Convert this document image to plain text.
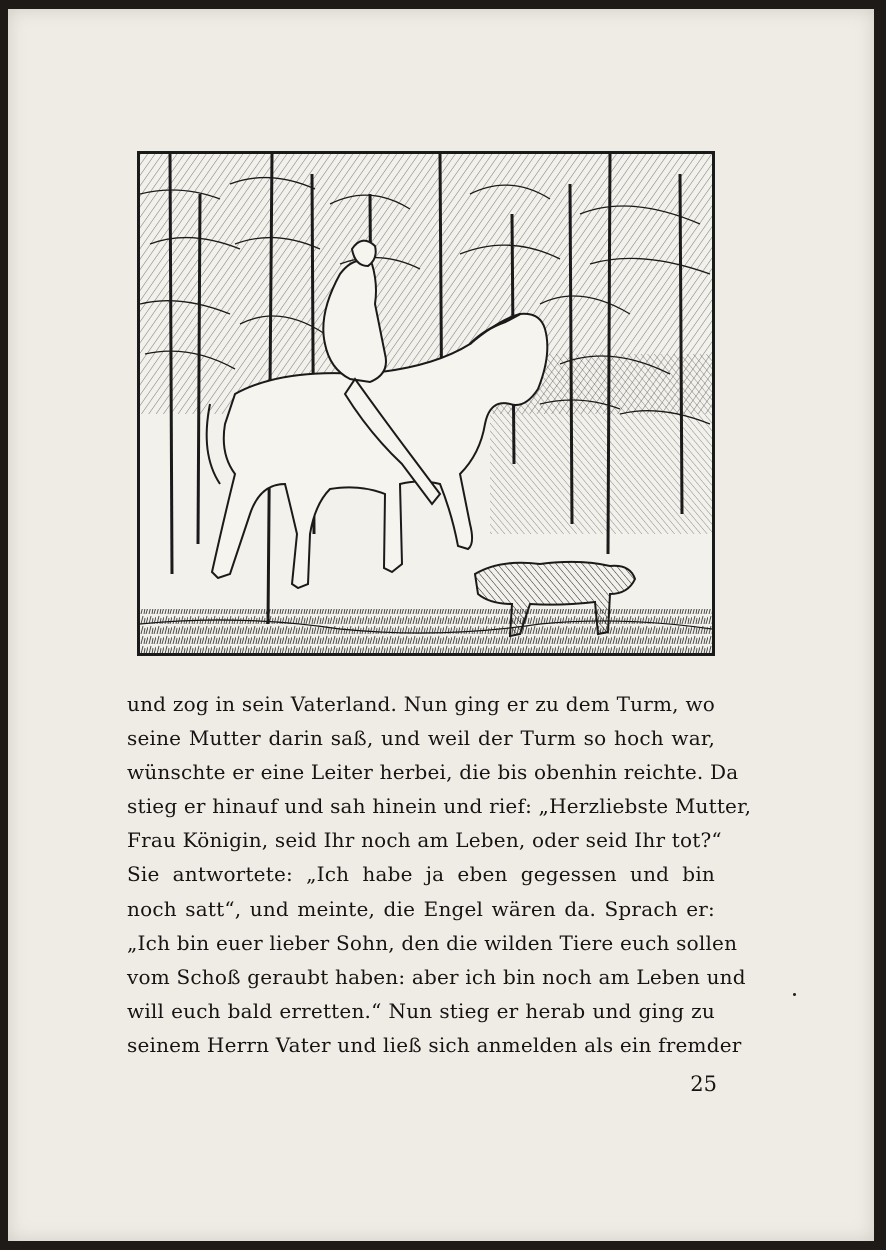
und zog in sein Vaterland. Nun ging er zu dem Turm, wo
seine Mutter darin saß, und weil der Turm so hoch war,
wünschte er eine Leiter herbei, die bis obenhin reichte. Da
stieg er hinauf und sah hinein und rief: „Herzliebste Mutter,
Frau Königin, seid Ihr noch am Leben, oder seid Ihr tot?“
Sie antwortete: „Ich habe ja eben gegessen und bin
noch satt“, und meinte, die Engel wären da. Sprach er:
„Ich bin euer lieber Sohn, den die wilden Tiere euch sollen
vom Schoß geraubt haben: aber ich bin noch am Leben und
will euch bald erretten.“ Nun stieg er herab und ging zu
seinem Herrn Vater und ließ sich anmelden als ein fremder
25
